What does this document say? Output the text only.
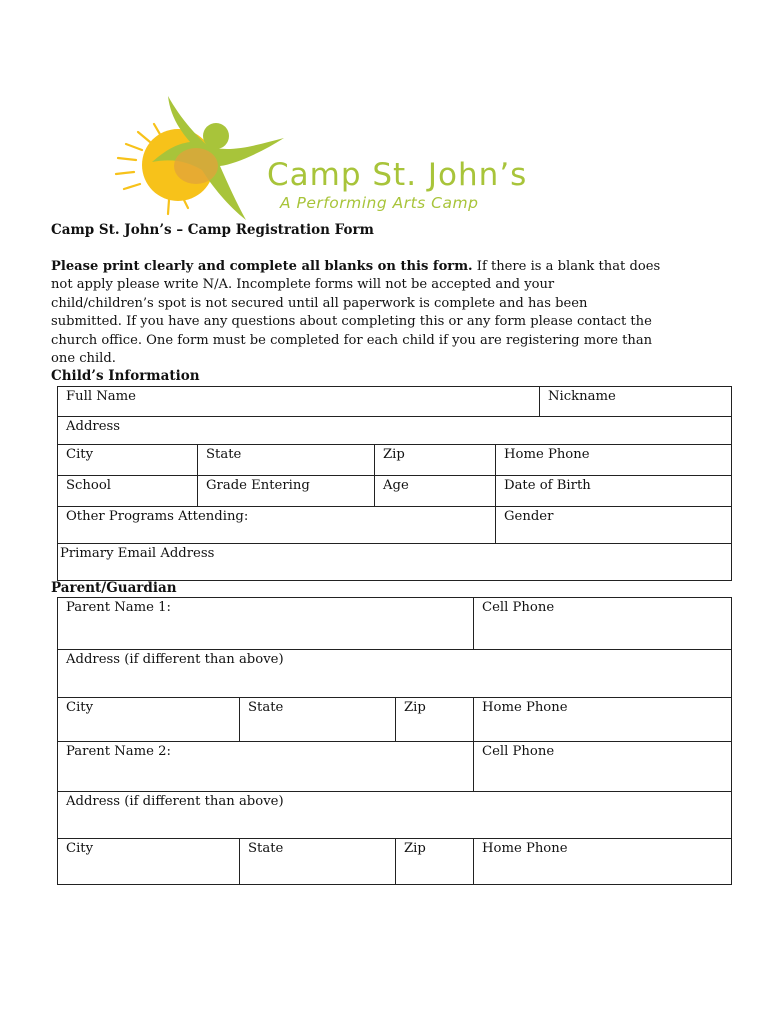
Camp St. John’s
A Performing Arts Camp
Camp St. John’s – Camp Registration Form
Please print clearly and complete all blanks on this form. If there is a blank that does not apply please write N/A. Incomplete forms will not be accepted and your child/children’s spot is not secured until all paperwork is complete and has been submitted. If you have any questions about completing this or any form please contact the church office. One form must be completed for each child if you are registering more than one child.
Child’s Information
Full Name	Nickname
Address
City	State	Zip	Home Phone
School	Grade Entering	Age	Date of Birth
Other Programs Attending:	Gender
Primary Email Address
Parent/Guardian
Parent Name 1:	Cell Phone
Address (if different than above)
City	State	Zip	Home Phone
Parent Name 2:	Cell Phone
Address (if different than above)
City	State	Zip	Home Phone
